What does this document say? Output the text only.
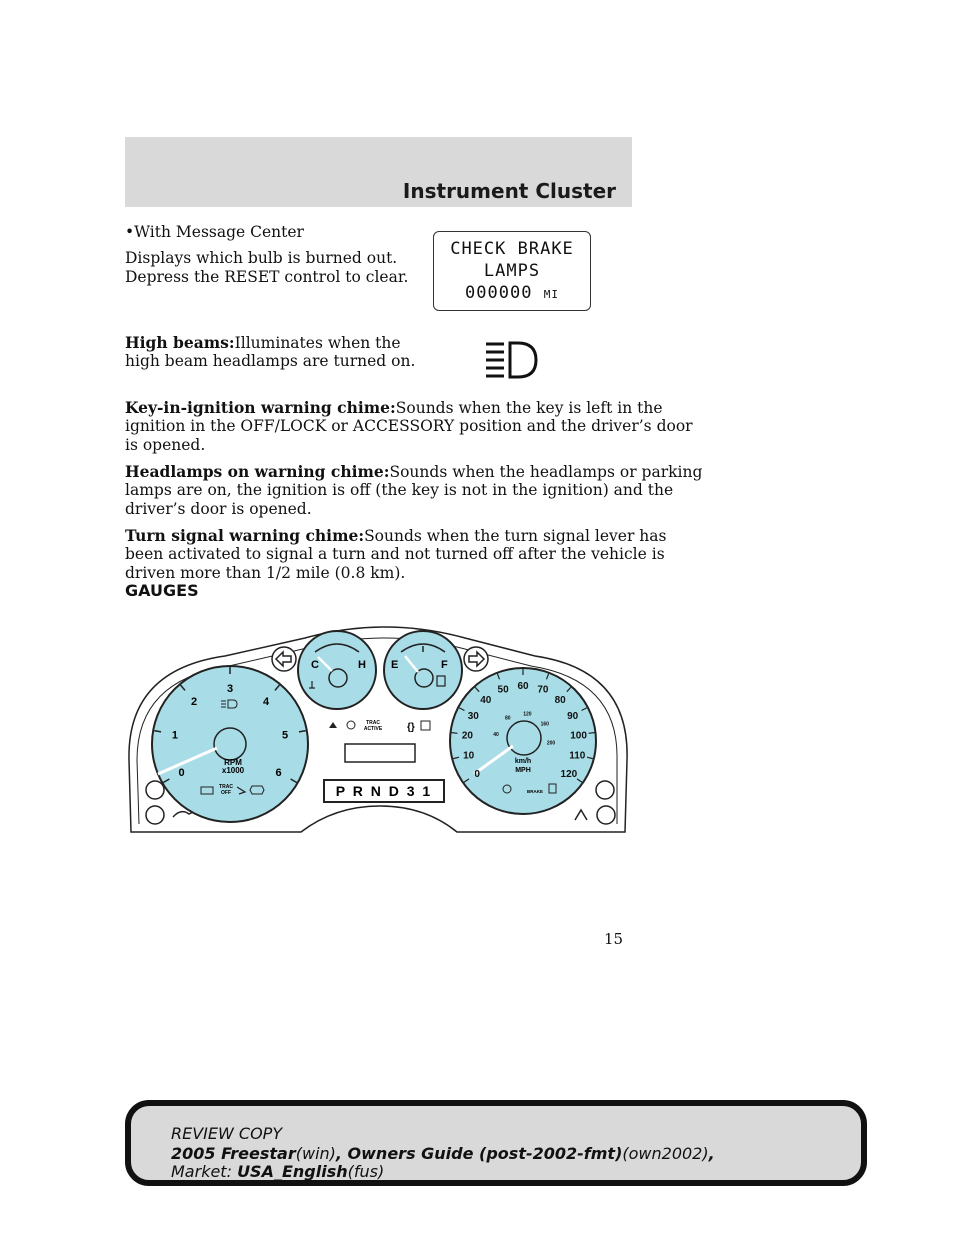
Instrument Cluster
•With Message Center
Displays which bulb is burned out.
Depress the RESET control to clear.
CHECK BRAKE
LAMPS
000000 MI
High beams:Illuminates when the
high beam headlamps are turned on.
Key-in-ignition warning chime:Sounds when the key is left in the
ignition in the OFF/LOCK or ACCESSORY position and the driver’s door
is opened.
Headlamps on warning chime:Sounds when the headlamps or parking
lamps are on, the ignition is off (the key is not in the ignition) and the
driver’s door is opened.
Turn signal warning chime:Sounds when the turn signal lever has
been activated to signal a turn and not turned off after the vehicle is
driven more than 1/2 mile (0.8 km).
GAUGES
RPM
x1000
TRAC
OFF
0
1
2
3
4
5
6
C	H E	F
TRAC
ACTIVE {}
P R N D 3 1
0
10
20
30
40
50 60 70
80
90
100
110
120
40
80
120
160
200
km/h
MPH
BRAKE
15
REVIEW COPY
2005 Freestar(win), Owners Guide (post-2002-fmt)(own2002),
Market: USA_English(fus)
